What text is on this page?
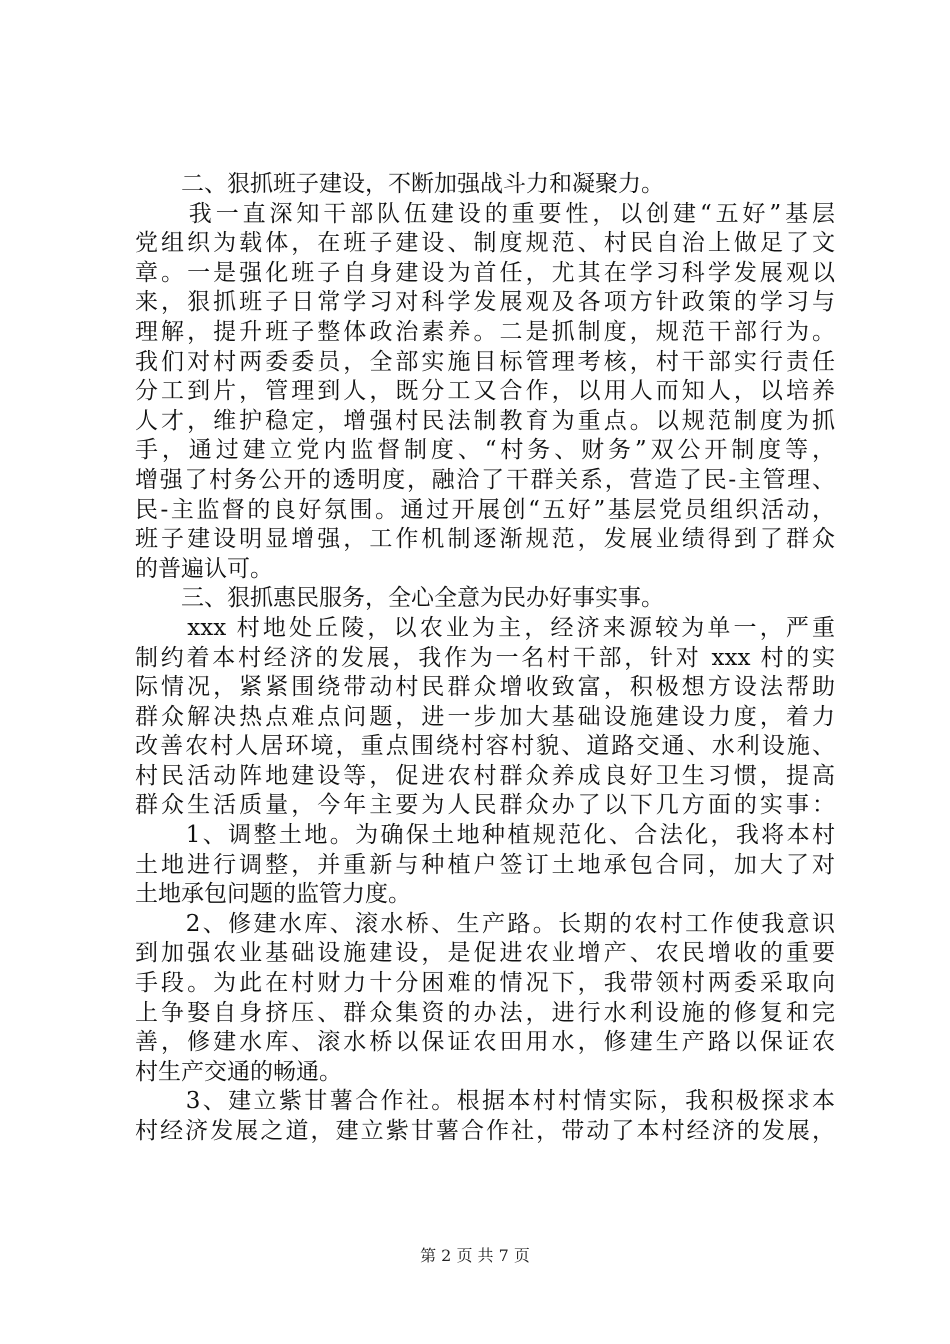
　　二、狠抓班子建设，不断加强战斗力和凝聚力。
　　我一直深知干部队伍建设的重要性，以创建“五好”基层
党组织为载体，在班子建设、制度规范、村民自治上做足了文
章。一是强化班子自身建设为首任，尤其在学习科学发展观以
来，狠抓班子日常学习对科学发展观及各项方针政策的学习与
理解，提升班子整体政治素养。二是抓制度，规范干部行为。
我们对村两委委员，全部实施目标管理考核，村干部实行责任
分工到片，管理到人，既分工又合作，以用人而知人，以培养
人才，维护稳定，增强村民法制教育为重点。以规范制度为抓
手，通过建立党内监督制度、“村务、财务”双公开制度等，
增强了村务公开的透明度，融洽了干群关系，营造了民-主管理、
民-主监督的良好氛围。通过开展创“五好”基层党员组织活动，
班子建设明显增强，工作机制逐渐规范，发展业绩得到了群众
的普遍认可。
　　三、狠抓惠民服务，全心全意为民办好事实事。
　　xxx 村地处丘陵，以农业为主，经济来源较为单一，严重
制约着本村经济的发展，我作为一名村干部，针对 xxx 村的实
际情况，紧紧围绕带动村民群众增收致富，积极想方设法帮助
群众解决热点难点问题，进一步加大基础设施建设力度，着力
改善农村人居环境，重点围绕村容村貌、道路交通、水利设施、
村民活动阵地建设等，促进农村群众养成良好卫生习惯，提高
群众生活质量，今年主要为人民群众办了以下几方面的实事：
　　1、调整土地。为确保土地种植规范化、合法化，我将本村
土地进行调整，并重新与种植户签订土地承包合同，加大了对
土地承包问题的监管力度。
　　2、修建水库、滚水桥、生产路。长期的农村工作使我意识
到加强农业基础设施建设，是促进农业增产、农民增收的重要
手段。为此在村财力十分困难的情况下，我带领村两委采取向
上争娶自身挤压、群众集资的办法，进行水利设施的修复和完
善，修建水库、滚水桥以保证农田用水，修建生产路以保证农
村生产交通的畅通。
　　3、建立紫甘薯合作社。根据本村村情实际，我积极探求本
村经济发展之道，建立紫甘薯合作社，带动了本村经济的发展，
第 2 页 共 7 页
